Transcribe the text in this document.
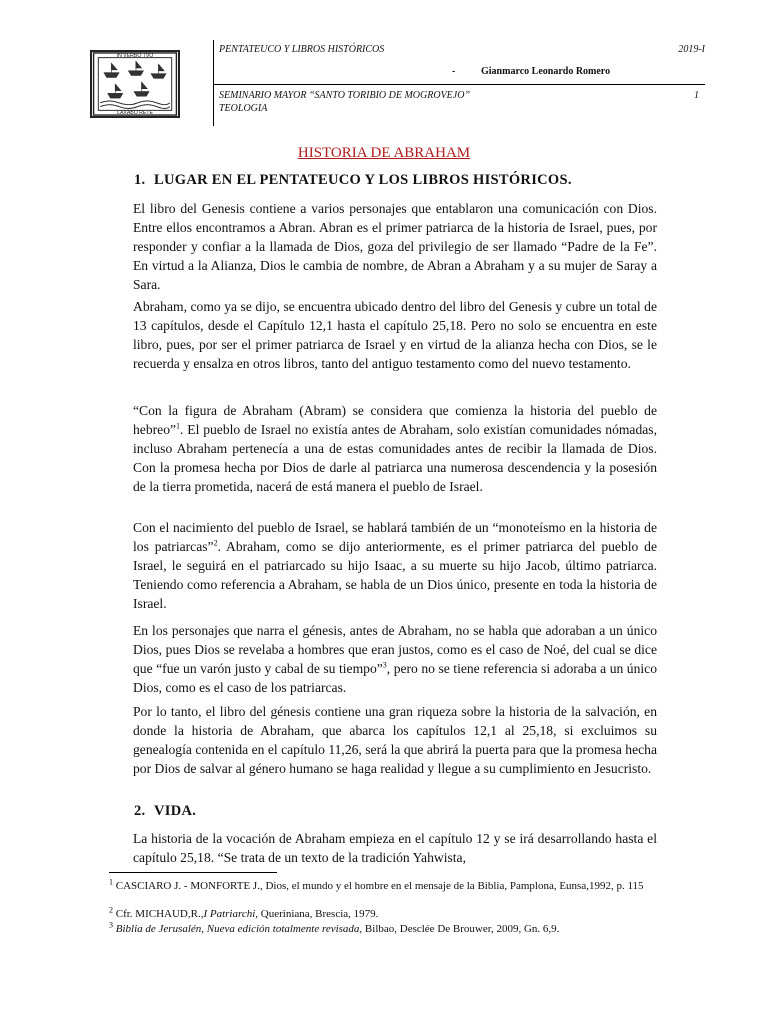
IN VERBO TVO
LAXABO RETE
PENTATEUCO Y LIBROS HISTÓRICOS	2019-I
-	Gianmarco Leonardo Romero
SEMINARIO MAYOR “SANTO TORIBIO DE MOGROVEJO”
TEOLOGIA
1
HISTORIA DE ABRAHAM
1. LUGAR EN EL PENTATEUCO Y LOS LIBROS HISTÓRICOS.
El libro del Genesis contiene a varios personajes que entablaron una comunicación con Dios. Entre ellos encontramos a Abran. Abran es el primer patriarca de la historia de Israel, pues, por responder y confiar a la llamada de Dios, goza del privilegio de ser llamado “Padre de la Fe”. En virtud a la Alianza, Dios le cambia de nombre, de Abran a Abraham y a su mujer de Saray a Sara.
Abraham, como ya se dijo, se encuentra ubicado dentro del libro del Genesis y cubre un total de 13 capítulos, desde el Capítulo 12,1 hasta el capítulo 25,18. Pero no solo se encuentra en este libro, pues, por ser el primer patriarca de Israel y en virtud de la alianza hecha con Dios, se le recuerda y ensalza en otros libros, tanto del antiguo testamento como del nuevo testamento.
“Con la figura de Abraham (Abram) se considera que comienza la historia del pueblo de hebreo”$^1$. El pueblo de Israel no existía antes de Abraham, solo existían comunidades nómadas, incluso Abraham pertenecía a una de estas comunidades antes de recibir la llamada de Dios. Con la promesa hecha por Dios de darle al patriarca una numerosa descendencia y la posesión de la tierra prometida, nacerá de está manera el pueblo de Israel.
Con el nacimiento del pueblo de Israel, se hablará también de un “monoteísmo en la historia de los patriarcas”$^2$. Abraham, como se dijo anteriormente, es el primer patriarca del pueblo de Israel, le seguirá en el patriarcado su hijo Isaac, a su muerte su hijo Jacob, último patriarca. Teniendo como referencia a Abraham, se habla de un Dios único, presente en toda la historia de Israel.
En los personajes que narra el génesis, antes de Abraham, no se habla que adoraban a un único Dios, pues Dios se revelaba a hombres que eran justos, como es el caso de Noé, del cual se dice que “fue un varón justo y cabal de su tiempo”$^3$, pero no se tiene referencia si adoraba a un único Dios, como es el caso de los patriarcas.
Por lo tanto, el libro del génesis contiene una gran riqueza sobre la historia de la salvación, en donde la historia de Abraham, que abarca los capítulos 12,1 al 25,18, si excluimos su genealogía contenida en el capítulo 11,26, será la que abrirá la puerta para que la promesa hecha por Dios de salvar al género humano se haga realidad y llegue a su cumplimiento en Jesucristo.
2. VIDA.
La historia de la vocación de Abraham empieza en el capítulo 12 y se irá desarrollando hasta el capítulo 25,18. “Se trata de un texto de la tradición Yahwista,
$^1$ CASCIARO J. - MONFORTE J., Dios, el mundo y el hombre en el mensaje de la Biblia, Pamplona, Eunsa,1992, p. 115
$^2$ Cfr. MICHAUD,R.,I Patriarchi, Queriniana, Brescia, 1979.
$^3$ Biblia de Jerusalén, Nueva edición totalmente revisada, Bilbao, Desclée De Brouwer, 2009, Gn. 6,9.
